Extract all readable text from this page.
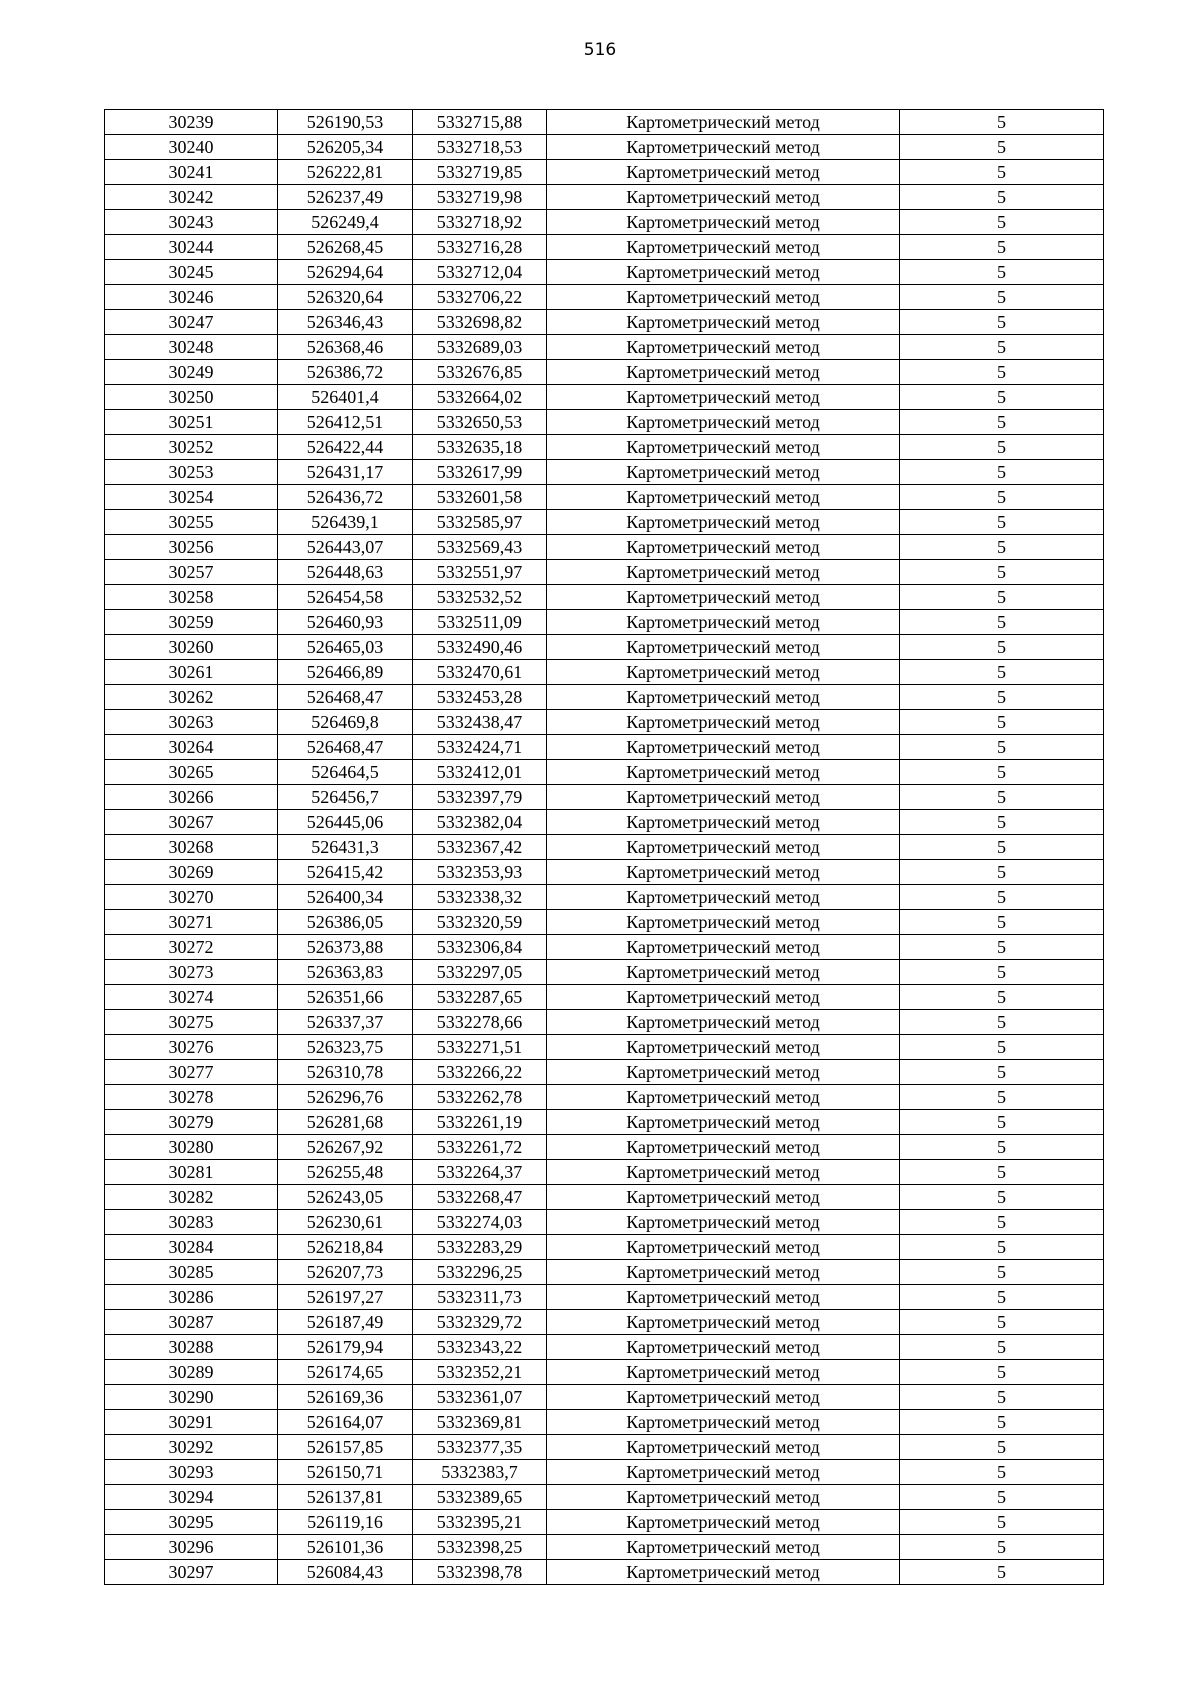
516
30239	526190,53	5332715,88	Картометрический метод	5
30240	526205,34	5332718,53	Картометрический метод	5
30241	526222,81	5332719,85	Картометрический метод	5
30242	526237,49	5332719,98	Картометрический метод	5
30243	526249,4	5332718,92	Картометрический метод	5
30244	526268,45	5332716,28	Картометрический метод	5
30245	526294,64	5332712,04	Картометрический метод	5
30246	526320,64	5332706,22	Картометрический метод	5
30247	526346,43	5332698,82	Картометрический метод	5
30248	526368,46	5332689,03	Картометрический метод	5
30249	526386,72	5332676,85	Картометрический метод	5
30250	526401,4	5332664,02	Картометрический метод	5
30251	526412,51	5332650,53	Картометрический метод	5
30252	526422,44	5332635,18	Картометрический метод	5
30253	526431,17	5332617,99	Картометрический метод	5
30254	526436,72	5332601,58	Картометрический метод	5
30255	526439,1	5332585,97	Картометрический метод	5
30256	526443,07	5332569,43	Картометрический метод	5
30257	526448,63	5332551,97	Картометрический метод	5
30258	526454,58	5332532,52	Картометрический метод	5
30259	526460,93	5332511,09	Картометрический метод	5
30260	526465,03	5332490,46	Картометрический метод	5
30261	526466,89	5332470,61	Картометрический метод	5
30262	526468,47	5332453,28	Картометрический метод	5
30263	526469,8	5332438,47	Картометрический метод	5
30264	526468,47	5332424,71	Картометрический метод	5
30265	526464,5	5332412,01	Картометрический метод	5
30266	526456,7	5332397,79	Картометрический метод	5
30267	526445,06	5332382,04	Картометрический метод	5
30268	526431,3	5332367,42	Картометрический метод	5
30269	526415,42	5332353,93	Картометрический метод	5
30270	526400,34	5332338,32	Картометрический метод	5
30271	526386,05	5332320,59	Картометрический метод	5
30272	526373,88	5332306,84	Картометрический метод	5
30273	526363,83	5332297,05	Картометрический метод	5
30274	526351,66	5332287,65	Картометрический метод	5
30275	526337,37	5332278,66	Картометрический метод	5
30276	526323,75	5332271,51	Картометрический метод	5
30277	526310,78	5332266,22	Картометрический метод	5
30278	526296,76	5332262,78	Картометрический метод	5
30279	526281,68	5332261,19	Картометрический метод	5
30280	526267,92	5332261,72	Картометрический метод	5
30281	526255,48	5332264,37	Картометрический метод	5
30282	526243,05	5332268,47	Картометрический метод	5
30283	526230,61	5332274,03	Картометрический метод	5
30284	526218,84	5332283,29	Картометрический метод	5
30285	526207,73	5332296,25	Картометрический метод	5
30286	526197,27	5332311,73	Картометрический метод	5
30287	526187,49	5332329,72	Картометрический метод	5
30288	526179,94	5332343,22	Картометрический метод	5
30289	526174,65	5332352,21	Картометрический метод	5
30290	526169,36	5332361,07	Картометрический метод	5
30291	526164,07	5332369,81	Картометрический метод	5
30292	526157,85	5332377,35	Картометрический метод	5
30293	526150,71	5332383,7	Картометрический метод	5
30294	526137,81	5332389,65	Картометрический метод	5
30295	526119,16	5332395,21	Картометрический метод	5
30296	526101,36	5332398,25	Картометрический метод	5
30297	526084,43	5332398,78	Картометрический метод	5
